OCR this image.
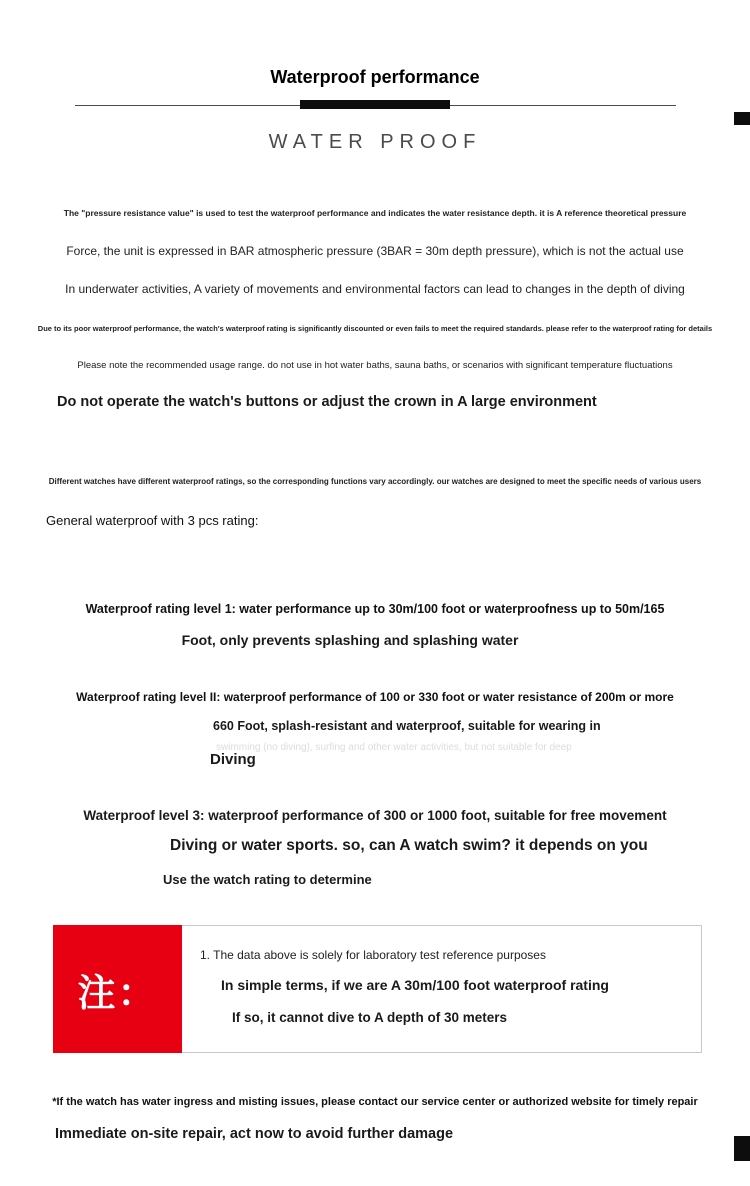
Waterproof performance
WATER PROOF
The "pressure resistance value" is used to test the waterproof performance and indicates the water resistance depth. it is A reference theoretical pressure
Force, the unit is expressed in BAR atmospheric pressure (3BAR = 30m depth pressure), which is not the actual use
In underwater activities, A variety of movements and environmental factors can lead to changes in the depth of diving
Due to its poor waterproof performance, the watch's waterproof rating is significantly discounted or even fails to meet the required standards. please refer to the waterproof rating for details
Please note the recommended usage range. do not use in hot water baths, sauna baths, or scenarios with significant temperature fluctuations
Do not operate the watch's buttons or adjust the crown in A large environment
Different watches have different waterproof ratings, so the corresponding functions vary accordingly. our watches are designed to meet the specific needs of various users
General waterproof with 3 pcs rating:
Waterproof rating level 1: water performance up to 30m/100 foot or waterproofness up to 50m/165
Foot, only prevents splashing and splashing water
Waterproof rating level II: waterproof performance of 100 or 330 foot or water resistance of 200m or more
660 Foot, splash-resistant and waterproof, suitable for wearing in
swimming (no diving), surfing and other water activities, but not suitable for deep
Diving
Waterproof level 3: waterproof performance of 300 or 1000 foot, suitable for free movement
Diving or water sports. so, can A watch swim? it depends on you
Use the watch rating to determine
注：
1. The data above is solely for laboratory test reference purposes
In simple terms, if we are A 30m/100 foot waterproof rating
If so, it cannot dive to A depth of 30 meters
*If the watch has water ingress and misting issues, please contact our service center or authorized website for timely repair
Immediate on-site repair, act now to avoid further damage
